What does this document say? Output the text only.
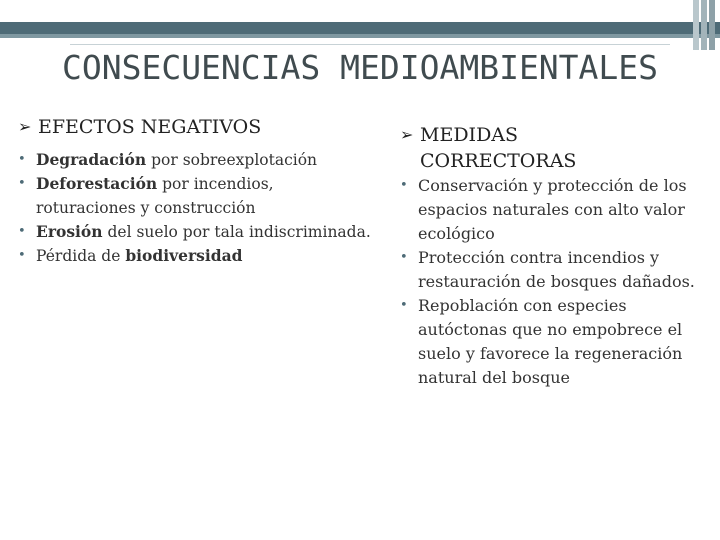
CONSECUENCIAS MEDIOAMBIENTALES
➢ EFECTOS NEGATIVOS
• Degradación por sobreexplotación
• Deforestación por incendios, roturaciones y construcción
• Erosión del suelo por tala indiscriminada.
• Pérdida de biodiversidad
➢ MEDIDAS CORRECTORAS
• Conservación y protección de los espacios naturales con alto valor ecológico
• Protección contra incendios y restauración de bosques dañados.
• Repoblación con especies autóctonas que no empobrece el suelo y favorece la regeneración natural del bosque
